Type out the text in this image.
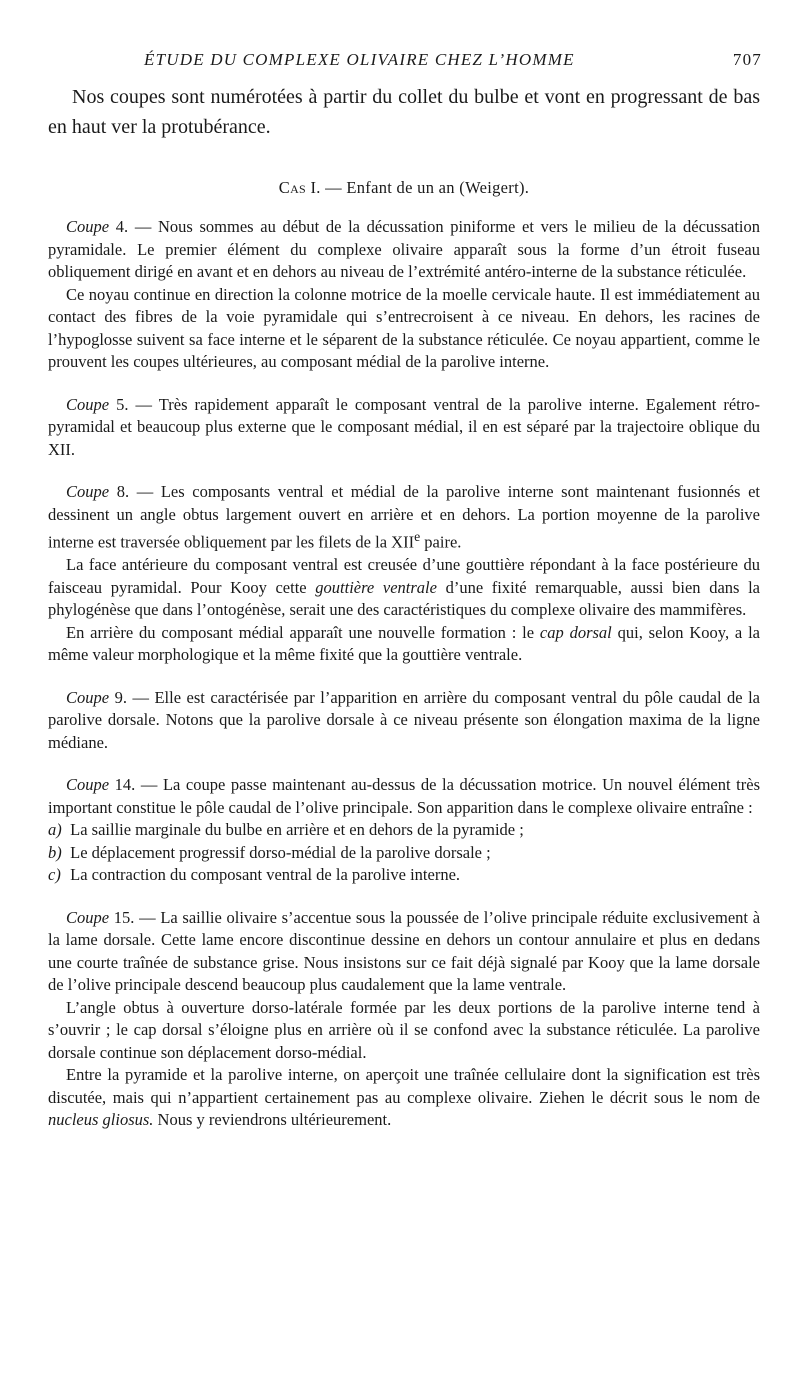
ÉTUDE DU COMPLEXE OLIVAIRE CHEZ L’HOMME	707

Nos coupes sont numérotées à partir du collet du bulbe et vont en progressant de bas en haut ver la protubérance.

Cas I. — Enfant de un an (Weigert).

Coupe 4. — Nous sommes au début de la décussation piniforme et vers le milieu de la décussation pyramidale. Le premier élément du complexe olivaire apparaît sous la forme d’un étroit fuseau obliquement dirigé en avant et en dehors au niveau de l’extrémité antéro-interne de la substance réticulée.

Ce noyau continue en direction la colonne motrice de la moelle cervicale haute. Il est immédiatement au contact des fibres de la voie pyramidale qui s’entrecroisent à ce niveau. En dehors, les racines de l’hypoglosse suivent sa face interne et le séparent de la substance réticulée. Ce noyau appartient, comme le prouvent les coupes ultérieures, au composant médial de la parolive interne.

Coupe 5. — Très rapidement apparaît le composant ventral de la parolive interne. Egalement rétro-pyramidal et beaucoup plus externe que le composant médial, il en est séparé par la trajectoire oblique du XII.

Coupe 8. — Les composants ventral et médial de la parolive interne sont maintenant fusionnés et dessinent un angle obtus largement ouvert en arrière et en dehors. La portion moyenne de la parolive interne est traversée obliquement par les filets de la XIIe paire.

La face antérieure du composant ventral est creusée d’une gouttière répondant à la face postérieure du faisceau pyramidal. Pour Kooy cette gouttière ventrale d’une fixité remarquable, aussi bien dans la phylogénèse que dans l’ontogénèse, serait une des caractéristiques du complexe olivaire des mammifères.

En arrière du composant médial apparaît une nouvelle formation : le cap dorsal qui, selon Kooy, a la même valeur morphologique et la même fixité que la gouttière ventrale.

Coupe 9. — Elle est caractérisée par l’apparition en arrière du composant ventral du pôle caudal de la parolive dorsale. Notons que la parolive dorsale à ce niveau présente son élongation maxima de la ligne médiane.

Coupe 14. — La coupe passe maintenant au-dessus de la décussation motrice. Un nouvel élément très important constitue le pôle caudal de l’olive principale. Son apparition dans le complexe olivaire entraîne :

a) La saillie marginale du bulbe en arrière et en dehors de la pyramide ;
b) Le déplacement progressif dorso-médial de la parolive dorsale ;
c) La contraction du composant ventral de la parolive interne.

Coupe 15. — La saillie olivaire s’accentue sous la poussée de l’olive principale réduite exclusivement à la lame dorsale. Cette lame encore discontinue dessine en dehors un contour annulaire et plus en dedans une courte traînée de substance grise. Nous insistons sur ce fait déjà signalé par Kooy que la lame dorsale de l’olive principale descend beaucoup plus caudalement que la lame ventrale.

L’angle obtus à ouverture dorso-latérale formée par les deux portions de la parolive interne tend à s’ouvrir ; le cap dorsal s’éloigne plus en arrière où il se confond avec la substance réticulée. La parolive dorsale continue son déplacement dorso-médial.

Entre la pyramide et la parolive interne, on aperçoit une traînée cellulaire dont la signification est très discutée, mais qui n’appartient certainement pas au complexe olivaire. Ziehen le décrit sous le nom de nucleus gliosus. Nous y reviendrons ultérieurement.
